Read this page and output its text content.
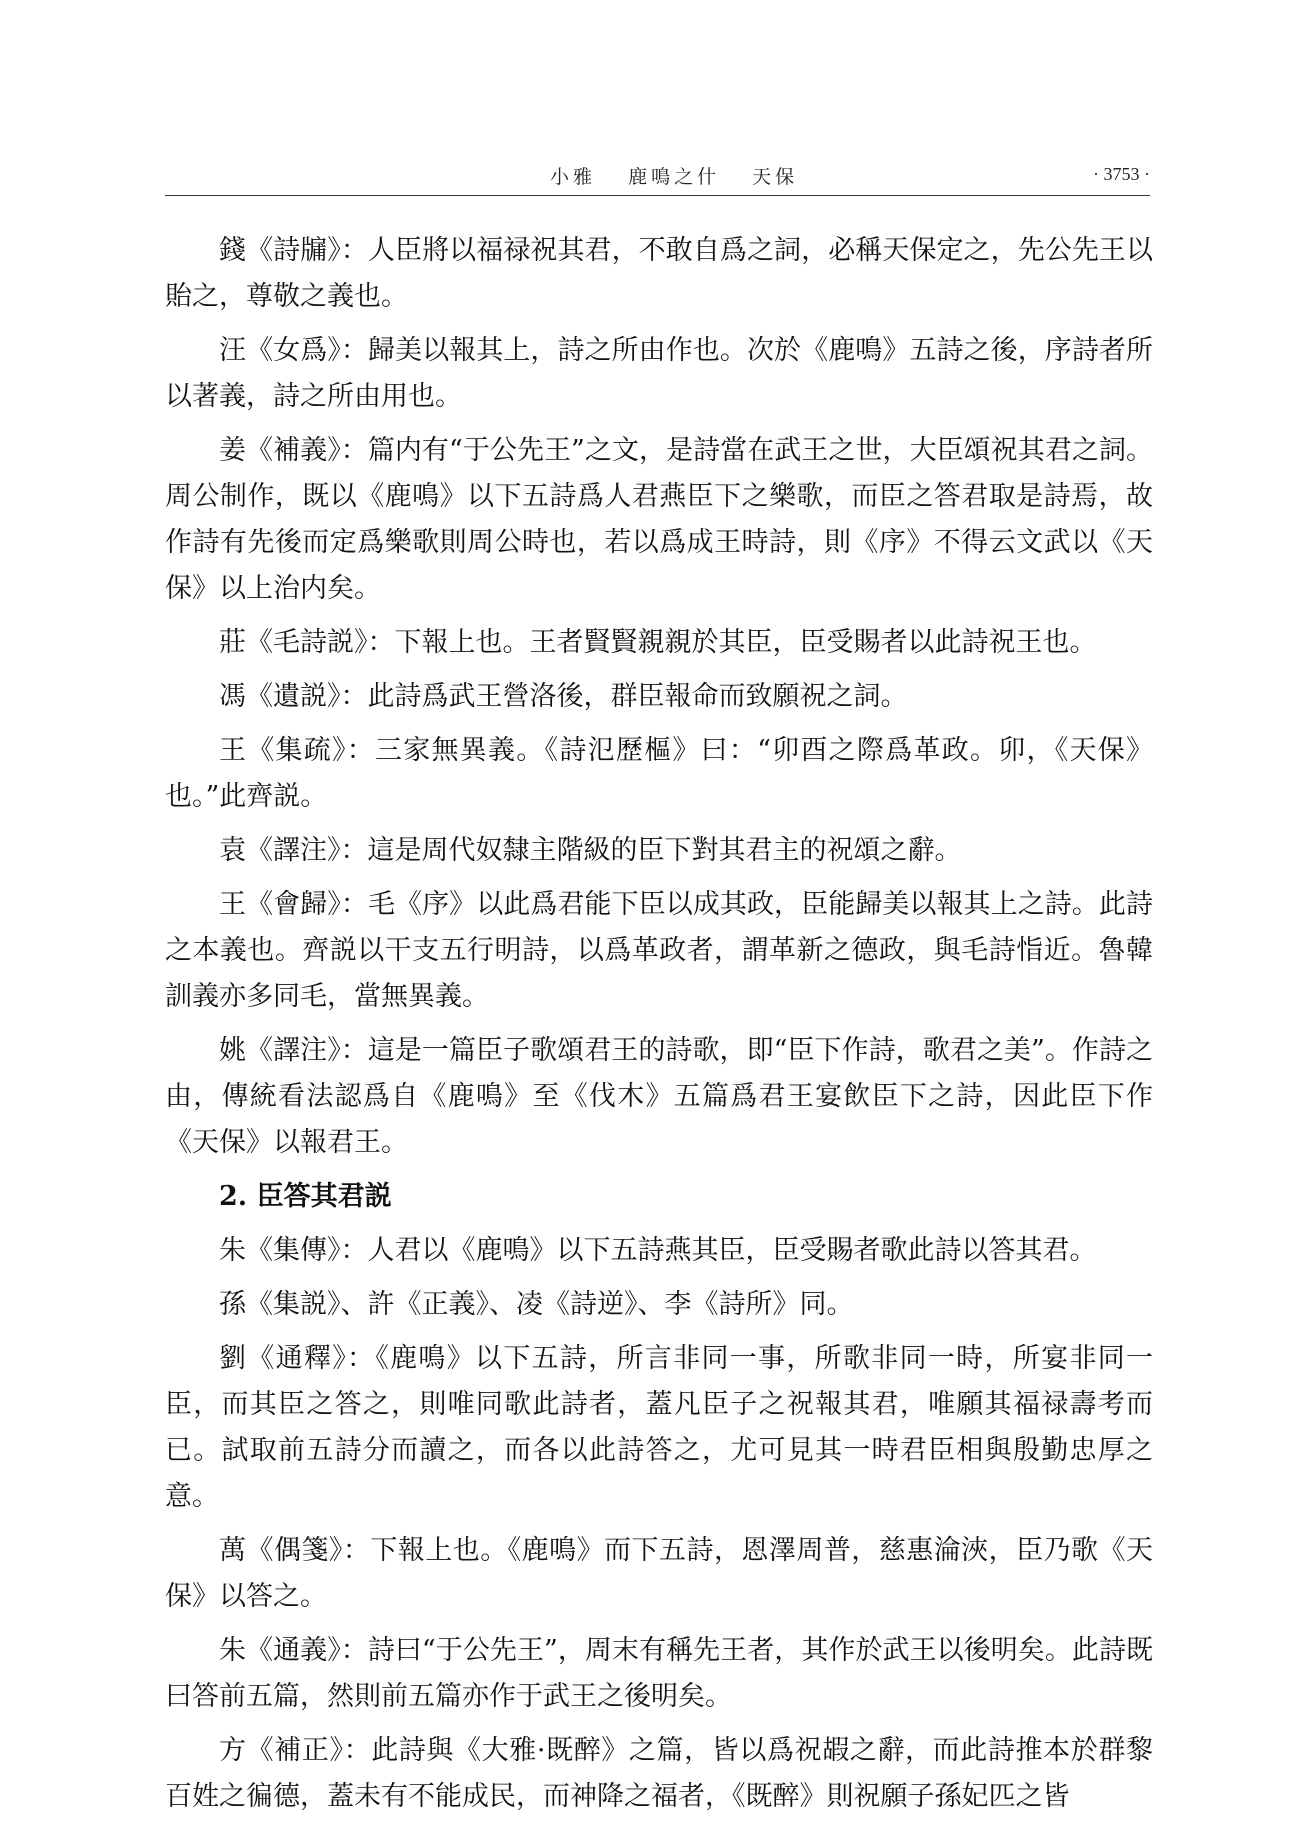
小雅 鹿鳴之什 天保	· 3753 ·

錢《詩牖》：人臣將以福禄祝其君，不敢自爲之詞，必稱天保定之，先公先王以貽之，尊敬之義也。

汪《女爲》：歸美以報其上，詩之所由作也。次於《鹿鳴》五詩之後，序詩者所以著義，詩之所由用也。

姜《補義》：篇内有“于公先王”之文，是詩當在武王之世，大臣頌祝其君之詞。周公制作，既以《鹿鳴》以下五詩爲人君燕臣下之樂歌，而臣之答君取是詩焉，故作詩有先後而定爲樂歌則周公時也，若以爲成王時詩，則《序》不得云文武以《天保》以上治内矣。

莊《毛詩説》：下報上也。王者賢賢親親於其臣，臣受賜者以此詩祝王也。

馮《遺説》：此詩爲武王營洛後，群臣報命而致願祝之詞。

王《集疏》：三家無異義。《詩氾歷樞》曰：“卯酉之際爲革政。卯，《天保》也。”此齊説。

袁《譯注》：這是周代奴隸主階級的臣下對其君主的祝頌之辭。

王《會歸》：毛《序》以此爲君能下臣以成其政，臣能歸美以報其上之詩。此詩之本義也。齊説以干支五行明詩，以爲革政者，謂革新之德政，與毛詩恉近。魯韓訓義亦多同毛，當無異義。

姚《譯注》：這是一篇臣子歌頌君王的詩歌，即“臣下作詩，歌君之美”。作詩之由，傳統看法認爲自《鹿鳴》至《伐木》五篇爲君王宴飲臣下之詩，因此臣下作《天保》以報君王。

2. 臣答其君説

朱《集傳》：人君以《鹿鳴》以下五詩燕其臣，臣受賜者歌此詩以答其君。

孫《集説》、許《正義》、凌《詩逆》、李《詩所》同。

劉《通釋》：《鹿鳴》以下五詩，所言非同一事，所歌非同一時，所宴非同一臣，而其臣之答之，則唯同歌此詩者，蓋凡臣子之祝報其君，唯願其福禄壽考而已。試取前五詩分而讀之，而各以此詩答之，尤可見其一時君臣相與殷勤忠厚之意。

萬《偶箋》：下報上也。《鹿鳴》而下五詩，恩澤周普，慈惠淪浹，臣乃歌《天保》以答之。

朱《通義》：詩曰“于公先王”，周末有稱先王者，其作於武王以後明矣。此詩既曰答前五篇，然則前五篇亦作于武王之後明矣。

方《補正》：此詩與《大雅·既醉》之篇，皆以爲祝嘏之辭，而此詩推本於群黎百姓之徧德，蓋未有不能成民，而神降之福者，《既醉》則祝願子孫妃匹之皆
